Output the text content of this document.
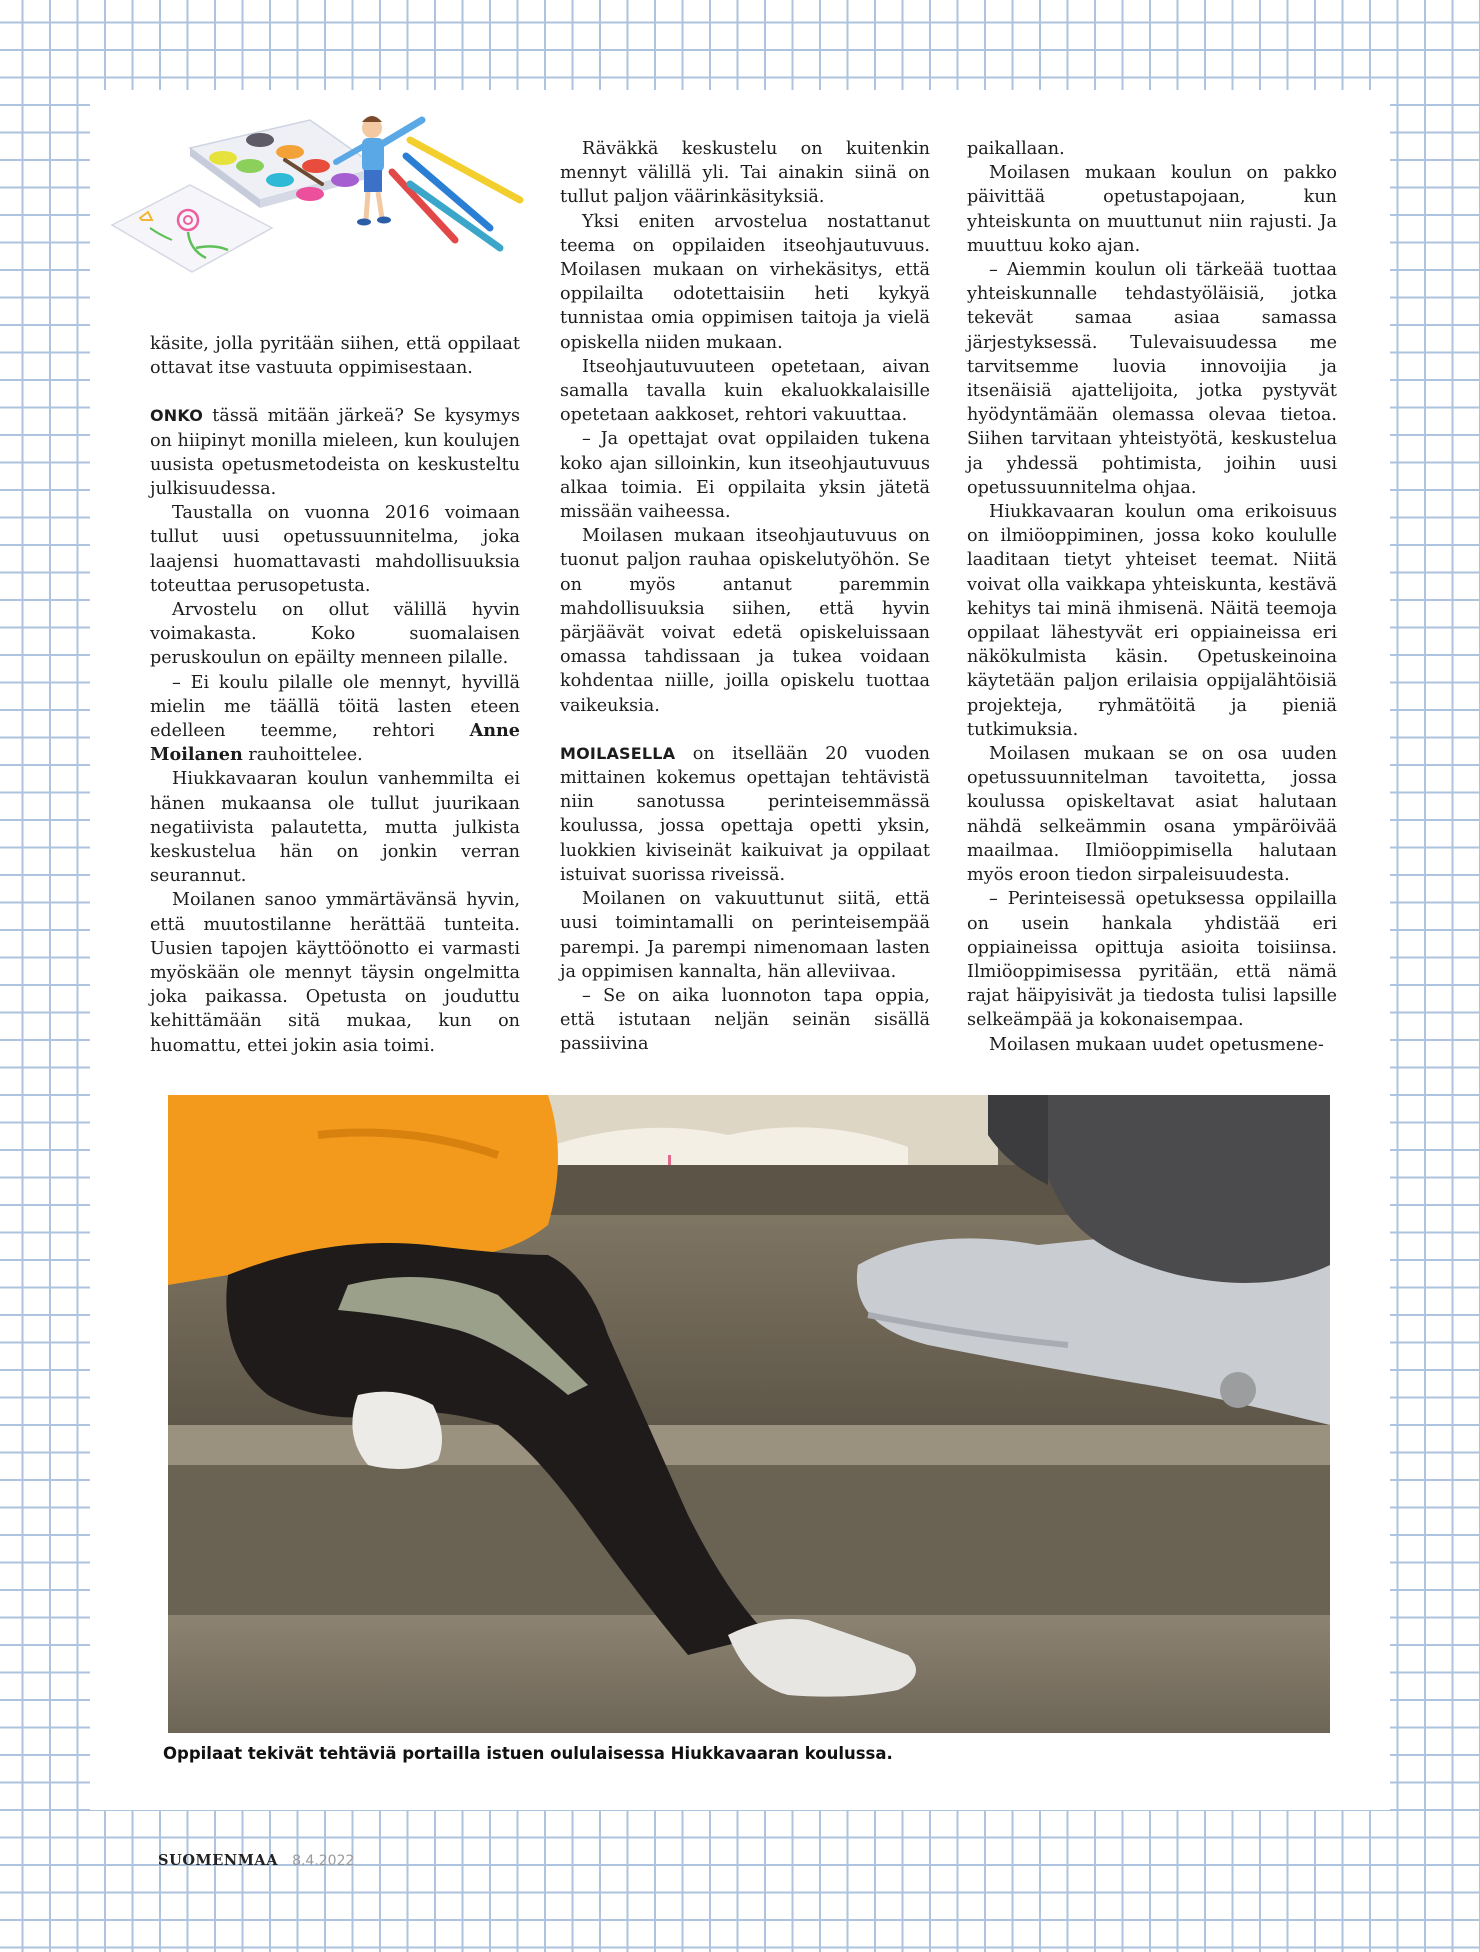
käsite, jolla pyritään siihen, että oppilaat ottavat itse vastuuta oppimisestaan.

ONKO tässä mitään järkeä? Se kysymys on hiipinyt monilla mieleen, kun koulujen uusista opetusmetodeista on keskusteltu julkisuudessa.

Taustalla on vuonna 2016 voimaan tullut uusi opetussuunnitelma, joka laajensi huomattavasti mahdollisuuksia toteuttaa perusopetusta.

Arvostelu on ollut välillä hyvin voimakasta. Koko suomalaisen peruskoulun on epäilty menneen pilalle.

– Ei koulu pilalle ole mennyt, hyvillä mielin me täällä töitä lasten eteen edelleen teemme, rehtori Anne Moilanen rauhoittelee.

Hiukkavaaran koulun vanhemmilta ei hänen mukaansa ole tullut juurikaan negatiivista palautetta, mutta julkista keskustelua hän on jonkin verran seurannut.

Moilanen sanoo ymmärtävänsä hyvin, että muutostilanne herättää tunteita. Uusien tapojen käyttöönotto ei varmasti myöskään ole mennyt täysin ongelmitta joka paikassa. Opetusta on jouduttu kehittämään sitä mukaa, kun on huomattu, ettei jokin asia toimi.

Räväkkä keskustelu on kuitenkin mennyt välillä yli. Tai ainakin siinä on tullut paljon väärinkäsityksiä.

Yksi eniten arvostelua nostattanut teema on oppilaiden itseohjautuvuus. Moilasen mukaan on virhekäsitys, että oppilailta odotettaisiin heti kykyä tunnistaa omia oppimisen taitoja ja vielä opiskella niiden mukaan.

Itseohjautuvuuteen opetetaan, aivan samalla tavalla kuin ekaluokkalaisille opetetaan aakkoset, rehtori vakuuttaa.

– Ja opettajat ovat oppilaiden tukena koko ajan silloinkin, kun itseohjautuvuus alkaa toimia. Ei oppilaita yksin jätetä missään vaiheessa.

Moilasen mukaan itseohjautuvuus on tuonut paljon rauhaa opiskelutyöhön. Se on myös antanut paremmin mahdollisuuksia siihen, että hyvin pärjäävät voivat edetä opiskeluissaan omassa tahdissaan ja tukea voidaan kohdentaa niille, joilla opiskelu tuottaa vaikeuksia.

MOILASELLA on itsellään 20 vuoden mittainen kokemus opettajan tehtävistä niin sanotussa perinteisemmässä koulussa, jossa opettaja opetti yksin, luokkien kiviseinät kaikuivat ja oppilaat istuivat suorissa riveissä.

Moilanen on vakuuttunut siitä, että uusi toimintamalli on perinteisempää parempi. Ja parempi nimenomaan lasten ja oppimisen kannalta, hän alleviivaa.

– Se on aika luonnoton tapa oppia, että istutaan neljän seinän sisällä passiivina

paikallaan.

Moilasen mukaan koulun on pakko päivittää opetustapojaan, kun yhteiskunta on muuttunut niin rajusti. Ja muuttuu koko ajan.

– Aiemmin koulun oli tärkeää tuottaa yhteiskunnalle tehdastyöläisiä, jotka tekevät samaa asiaa samassa järjestyksessä. Tulevaisuudessa me tarvitsemme luovia innovoijia ja itsenäisiä ajattelijoita, jotka pystyvät hyödyntämään olemassa olevaa tietoa. Siihen tarvitaan yhteistyötä, keskustelua ja yhdessä pohtimista, joihin uusi opetussuunnitelma ohjaa.

Hiukkavaaran koulun oma erikoisuus on ilmiöoppiminen, jossa koko koululle laaditaan tietyt yhteiset teemat. Niitä voivat olla vaikkapa yhteiskunta, kestävä kehitys tai minä ihmisenä. Näitä teemoja oppilaat lähestyvät eri oppiaineissa eri näkökulmista käsin. Opetuskeinoina käytetään paljon erilaisia oppijalähtöisiä projekteja, ryhmätöitä ja pieniä tutkimuksia.

Moilasen mukaan se on osa uuden opetussuunnitelman tavoitetta, jossa koulussa opiskeltavat asiat halutaan nähdä selkeämmin osana ympäröivää maailmaa. Ilmiöoppimisella halutaan myös eroon tiedon sirpaleisuudesta.

– Perinteisessä opetuksessa oppilailla on usein hankala yhdistää eri oppiaineissa opittuja asioita toisiinsa. Ilmiöoppimisessa pyritään, että nämä rajat häipyisivät ja tiedosta tulisi lapsille selkeämpää ja kokonaisempaa.

Moilasen mukaan uudet opetusmene-

Oppilaat tekivät tehtäviä portailla istuen oululaisessa Hiukkavaaran koulussa.
SUOMENMAA 8.4.2022
